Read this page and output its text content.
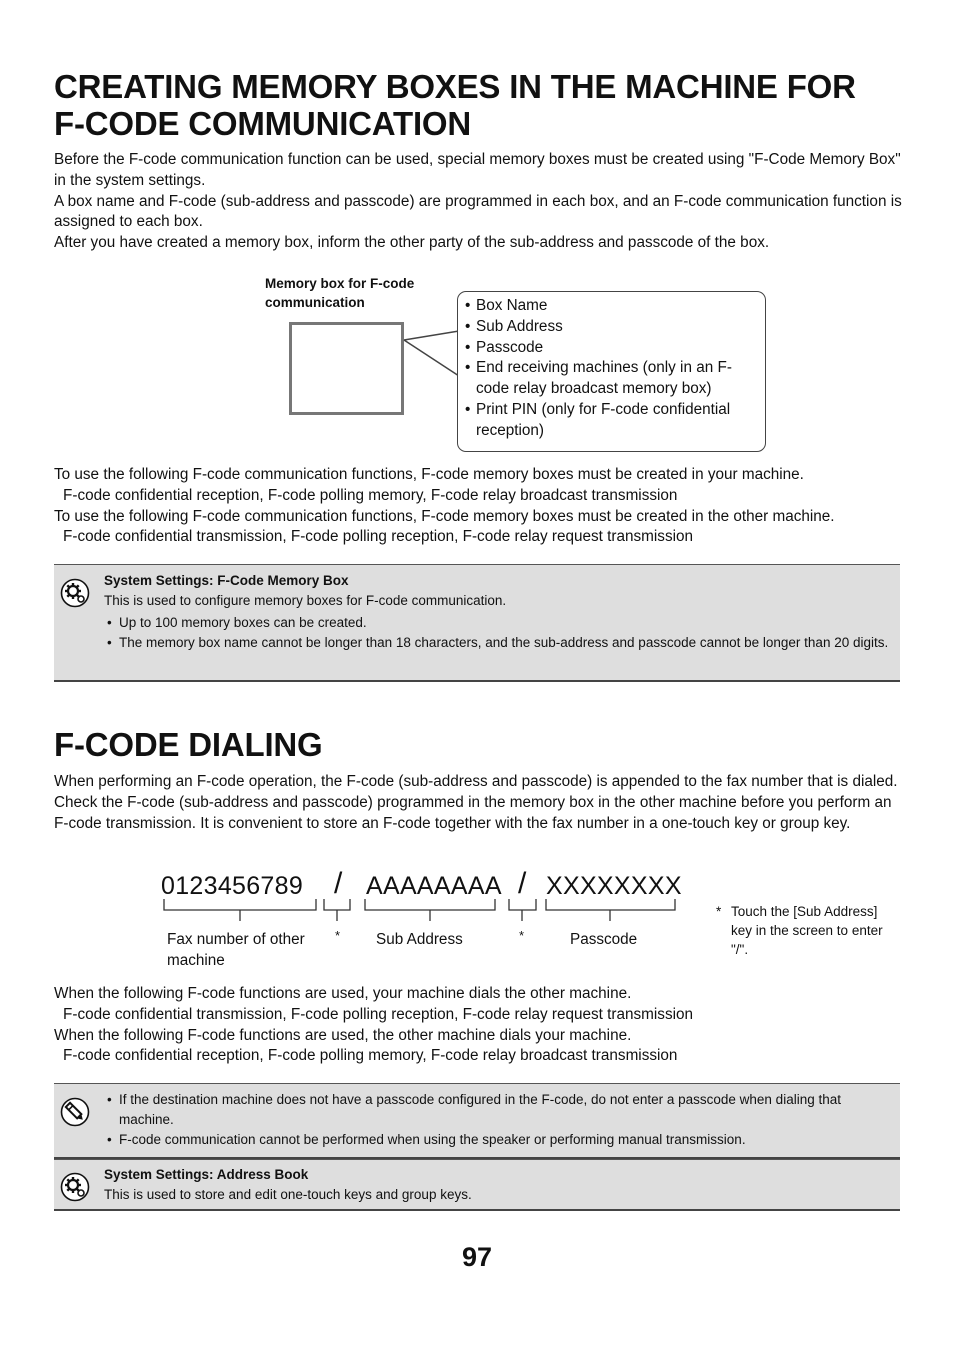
CREATING MEMORY BOXES IN THE MACHINE FOR
F-CODE COMMUNICATION

Before the F-code communication function can be used, special memory boxes must be created using "F-Code Memory Box" in the system settings.

A box name and F-code (sub-address and passcode) are programmed in each box, and an F-code communication function is assigned to each box.

After you have created a memory box, inform the other party of the sub-address and passcode of the box.

Memory box for F-code
communication
•	Box Name
• Sub Address
• Passcode
• End receiving machines (only in an F-code relay broadcast memory box)
• Print PIN (only for F-code confidential reception)

To use the following F-code communication functions, F-code memory boxes must be created in your machine.

F-code confidential reception, F-code polling memory, F-code relay broadcast transmission

To use the following F-code communication functions, F-code memory boxes must be created in the other machine.

F-code confidential transmission, F-code polling reception, F-code relay request transmission

System Settings: F-Code Memory Box
This is used to configure memory boxes for F-code communication.
• Up to 100 memory boxes can be created.
• The memory box name cannot be longer than 18 characters, and the sub-address and passcode cannot be longer than 20 digits.
F-CODE DIALING
When performing an F-code operation, the F-code (sub-address and passcode) is appended to the fax number that is dialed. Check the F-code (sub-address and passcode) programmed in the memory box in the other machine before you perform an F-code transmission. It is convenient to store an F-code together with the fax number in a one-touch key or group key.
0123456789 / AAAAAAAA / XXXXXXXX
Fax number of other
machine
* Sub Address	*	Passcode
* Touch the [Sub Address]
key in the screen to enter
"/".

When the following F-code functions are used, your machine dials the other machine.

F-code confidential transmission, F-code polling reception, F-code relay request transmission

When the following F-code functions are used, the other machine dials your machine.

F-code confidential reception, F-code polling memory, F-code relay broadcast transmission

• If the destination machine does not have a passcode configured in the F-code, do not enter a passcode when dialing that machine.
• F-code communication cannot be performed when using the speaker or performing manual transmission.
System Settings: Address Book
This is used to store and edit one-touch keys and group keys.
97
